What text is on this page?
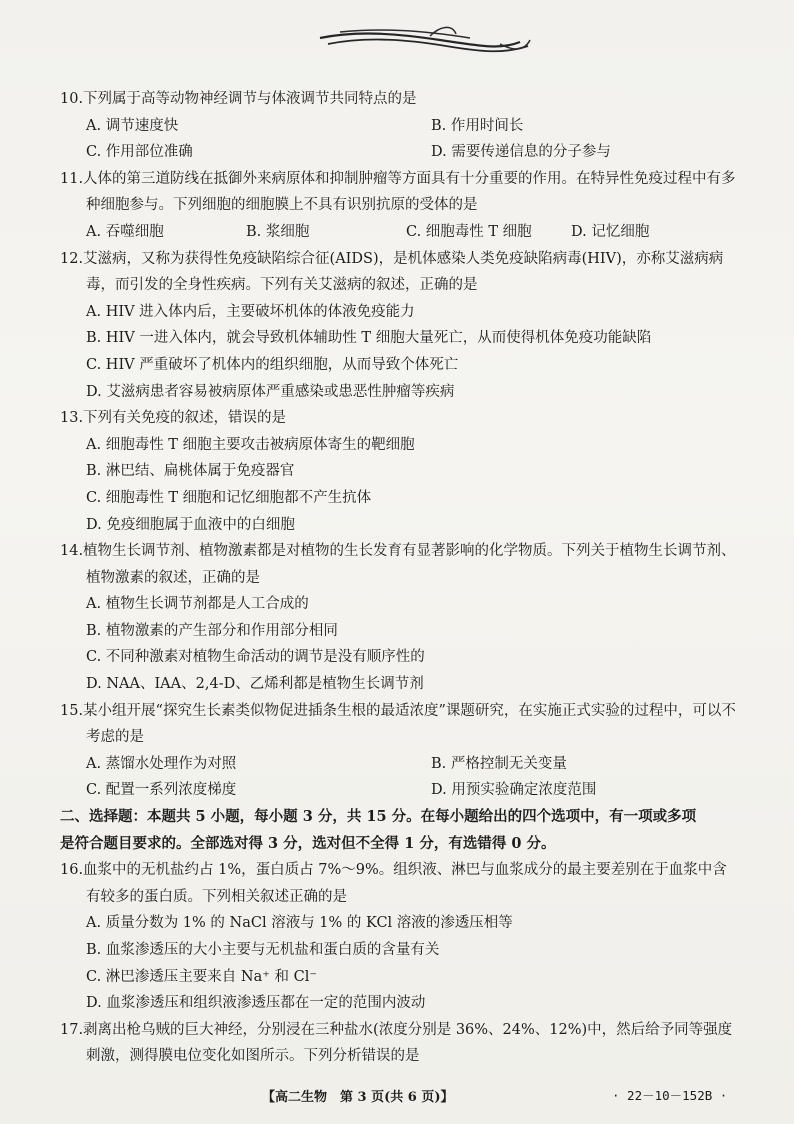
10.下列属于高等动物神经调节与体液调节共同特点的是
A. 调节速度快	B. 作用时间长
C. 作用部位准确	D. 需要传递信息的分子参与
11.人体的第三道防线在抵御外来病原体和抑制肿瘤等方面具有十分重要的作用。在特异性免疫过程中有多种细胞参与。下列细胞的细胞膜上不具有识别抗原的受体的是
A. 吞噬细胞	B. 浆细胞	C. 细胞毒性 T 细胞	D. 记忆细胞
12.艾滋病，又称为获得性免疫缺陷综合征(AIDS)，是机体感染人类免疫缺陷病毒(HIV)，亦称艾滋病病毒，而引发的全身性疾病。下列有关艾滋病的叙述，正确的是
A. HIV 进入体内后，主要破坏机体的体液免疫能力
B. HIV 一进入体内，就会导致机体辅助性 T 细胞大量死亡，从而使得机体免疫功能缺陷
C. HIV 严重破坏了机体内的组织细胞，从而导致个体死亡
D. 艾滋病患者容易被病原体严重感染或患恶性肿瘤等疾病
13.下列有关免疫的叙述，错误的是
A. 细胞毒性 T 细胞主要攻击被病原体寄生的靶细胞
B. 淋巴结、扁桃体属于免疫器官
C. 细胞毒性 T 细胞和记忆细胞都不产生抗体
D. 免疫细胞属于血液中的白细胞
14.植物生长调节剂、植物激素都是对植物的生长发育有显著影响的化学物质。下列关于植物生长调节剂、植物激素的叙述，正确的是
A. 植物生长调节剂都是人工合成的
B. 植物激素的产生部分和作用部分相同
C. 不同种激素对植物生命活动的调节是没有顺序性的
D. NAA、IAA、2,4-D、乙烯利都是植物生长调节剂
15.某小组开展“探究生长素类似物促进插条生根的最适浓度”课题研究，在实施正式实验的过程中，可以不考虑的是
A. 蒸馏水处理作为对照	B. 严格控制无关变量
C. 配置一系列浓度梯度	D. 用预实验确定浓度范围
二、选择题：本题共 5 小题，每小题 3 分，共 15 分。在每小题给出的四个选项中，有一项或多项
是符合题目要求的。全部选对得 3 分，选对但不全得 1 分，有选错得 0 分。
16.血浆中的无机盐约占 1%，蛋白质占 7%～9%。组织液、淋巴与血浆成分的最主要差别在于血浆中含有较多的蛋白质。下列相关叙述正确的是
A. 质量分数为 1% 的 NaCl 溶液与 1% 的 KCl 溶液的渗透压相等
B. 血浆渗透压的大小主要与无机盐和蛋白质的含量有关
C. 淋巴渗透压主要来自 Na⁺ 和 Cl⁻
D. 血浆渗透压和组织液渗透压都在一定的范围内波动
17.剥离出枪乌贼的巨大神经，分别浸在三种盐水(浓度分别是 36%、24%、12%)中，然后给予同等强度刺激，测得膜电位变化如图所示。下列分析错误的是
【高二生物　第 3 页(共 6 页)】	· 22－10－152B ·
